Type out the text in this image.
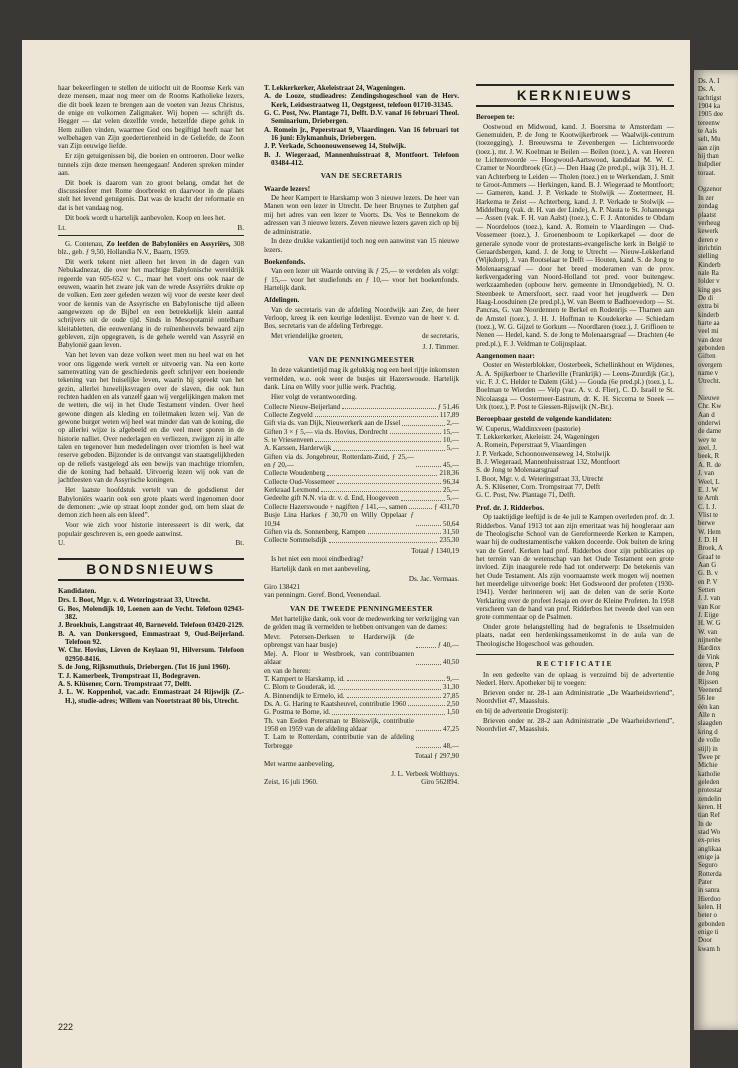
haar bekeerlingen te stellen de uitlocht uit de Roomse Kerk van deze mensen, maar nog meer om de Rooms Katholieke lezers, die dit boek lezen te brengen aan de voeten van Jezus Christus, de enige en volkomen Zaligmaker. Wij hopen — schrijft ds. Hegger — dat velen dezelfde vrede, hetzelfde diepe geluk in Hem zullen vinden, waarmee God ons begiftigd heeft naar het welbehagen van Zijn goedertierenheid in de Geliefde, de Zoon van Zijn eeuwige liefde.

Er zijn getuigenissen bij, die boeien en ontroeren. Door welke tunnels zijn deze mensen heengegaan! Anderen spreken minder aan.

Dit boek is daarom van zo groot belang, omdat het de discussiesfeer met Rome doorbreekt en daarvoor in de plaats stelt het levend getuigenis. Dat was de kracht der reformatie en dat is het vandaag nog.

Dit boek wordt u hartelijk aanbevolen. Koop en lees het.

Lt.	B.

G. Contenau, Zo leefden de Babyloniërs en Assyriërs, 308 blz., geb. ƒ 9,50, Hollandia N.V., Baarn, 1959.

Dit werk tekent niet alleen het leven in de dagen van Nebukadnezar, die over het machtige Babylonische wereldrijk regeerde van 605-652 v. C., maar het voert ons ook naar de eeuwen, waarin het zware juk van de wrede Assyriërs drukte op de volken. Een zeer geleden wezen wij voor de eerste keer deel voor de kennis van de Assyrische en Babylonische tijd alleen aangewezen op de Bijbel en een betrekkelijk klein aantal schrijvers uit de oude tijd. Sinds in Mesopotamië ontelbare kleitabletten, die eeuwenlang in de ruïnenheuvels bewaard zijn gebleven, zijn opgegraven, is de gehele wereld van Assyrië en Babylonië gaan leven.

Van het leven van deze volken weet men nu heel wat en het voor ons liggende werk vertelt er uitvoerig van. Na een korte samenvatting van de geschiedenis geeft schrijver een boeiende tekening van het huiselijke leven, waarin hij spreekt van het gezin, allerlei huwelijksvragen over de slaven, die ook hun rechten hadden en als vanzelf gaan wij vergelijkingen maken met de wetten, die wij in het Oude Testament vinden. Over heel gewone dingen als kleding en toiletmaken lezen wij. Van de gewone burger weten wij heel wat minder dan van de koning, die op allerlei wijze is afgebeeld en die veel meer sporen in de historie nalliet. Over nederlagen en verliezen, zwijgen zij in alle talen en tegenover hun mededelingen over triomfen is heel wat reserve geboden. Bijzonder is de ontvangst van staatsgelijkheden op de reliefs vastgelegd als een bewijs van machtige triomfen, die de koning had behaald. Uitvoerig lezen wij ook van de jachtfeesten van de Assyrische koningen.

Het laatste hoofdstuk vertelt van de godsdienst der Babyloniërs waarin ook een grote plaats werd ingenomen door de demonen: „wie op straat loopt zonder god, om hem slaat de demon zich heen als een kleed”.

Voor wie zich voor historie interesseert is dit werk, dat populair geschreven is, een goede aanwinst.

U.	Bt.
BONDSNIEUWS
Kandidaten.
Drs. I. Boot, Mgr. v. d. Weteringstraat 33, Utrecht.
G. Bos, Molendijk 10, Loenen aan de Vecht. Telefoon 02943-382.
J. Broekhuis, Langstraat 40, Barneveld. Telefoon 03420-2129.
B. A. van Donkersgoed, Emmastraat 9, Oud-Beijerland. Telefoon 92.
W. Chr. Hovius, Lieven de Keylaan 91, Hilversum. Telefoon 02950-8416.
S. de Jong, Rijksmuthuis, Driebergen. (Tot 16 juni 1960).
T. J. Kamerbeek, Trompstraat 11, Bodegraven.
A. S. Klüsener, Corn. Trompstraat 77, Delft.
J. L. W. Koppenhol, vac.adr. Emmastraat 24 Rijswijk (Z.-H.), studie-adres; Willem van Noortstraat 80 bis, Utrecht.
T. Lekkerkerker, Akeleistraat 24, Wageningen.
A. de Looze, studieadres: Zendingshogeschool van de Herv. Kerk, Leidsestraatweg 11, Oegstgeest, telefoon 01710-31345.
G. C. Post, Nw. Plantage 71, Delft. D.V. vanaf 16 februari Theol. Seminarium, Driebergen.
A. Romein jr., Peperstraat 9, Vlaardingen. Van 16 februari tot 16 juni: Elykmanhuis, Driebergen.
J. P. Verkade, Schoonouwenseweg 14, Stolwijk.
B. J. Wiegeraad, Mannenhuisstraat 8, Montfoort. Telefoon 03484-412.
VAN DE SECRETARIS
Waarde lezers!

De heer Kampert te Harskamp won 3 nieuwe lezers. De heer van Manen won een lezer in Utrecht. De heer Bruynes te Zutphen gaf mij het adres van een lezer te Voorts. Ds. Vos te Bennekom de adressen van 3 nieuwe lezers. Zeven nieuwe lezers gaven zich op bij de administratie.

In deze drukke vakantietijd toch nog een aanwinst van 15 nieuwe lezers.

Boekenfonds.

Van een lezer uit Waarde ontving ik ƒ 25,— te verdelen als volgt: ƒ 15,— voor het studiefonds en ƒ 10,— voor het boekenfonds. Hartelijk dank.

Afdelingen.

Van de secretaris van de afdeling Noordwijk aan Zee, de heer Verloop, kreeg ik een keurige ledenlijst. Evenzo van de heer v. d. Bos, secretaris van de afdeling Terbregge.

Met vriendelijke groeten,	de secretaris,
J. J. Timmer.
VAN DE PENNINGMEESTER

In deze vakantietijd mag ik gelukkig nog een heel rijtje inkomsten vermelden, w.o. ook weer de busjes uit Hazerswoude. Hartelijk dank. Lina en Willy voor jullie werk. Prachtig.

Hier volgt de verantwoording.

Collecte Nieuw-Beijerland	ƒ 51,46
Collecte Zegveld	117,89
Gift via ds. van Dijk, Nieuwerkerk aan de IJssel	2,—
Giften 3 × ƒ 5,— via ds. Hovius, Dordrecht	15,—
S. te Vriesenveen	10,—
A. Karssen, Harderwijk	5,—
Giften via ds. Jongebreur, Rotterdam-Zuid, ƒ 25,— en ƒ 20,—	45,—
Collecte Woudenberg	218,36
Collecte Oud-Vossemeer	96,34
Kerkraad Lexmond	25,—
Gedeelte gift N.N. via dr. v. d. End, Hoogeveen	5,—
Collecte Hazerswoude + nagiften ƒ 141,—, samen	ƒ 431,70
Busje Lina Harkes ƒ 30,70 en Willy Oppelaar ƒ 10,94	50,64
Giften via ds. Sonnenberg, Kampen	31,50
Collecte Sommelsdijk	235,30
Totaal ƒ 1340,19

Is het niet een mooi eindbedrag?

Hartelijk dank en met aanbeveling,

Ds. Jac. Vermaas.
Giro 138421
van penningm. Geref. Bond, Veenendaal.
VAN DE TWEEDE PENNINGMEESTER

Met hartelijke dank, ook voor de medewerking ter verkrijging van de gelden mag ik vermelden te hebben ontvangen van de dames:

Mevr. Petersen-Derksen te Harderwijk (de opbrengst van haar busje)	ƒ 40,—
Mej. A. Floor te Westbroek, van contribuanten aldaar	40,50
en van de heren:
T. Kampert te Harskamp, id.	9,—
C. Blom te Gouderak, id.	31,30
A. Binnendijk te Ermelo, id.	27,85
Ds. A. G. Haring te Kaatsheuvel, contributie 1960	2,50
G. Postma te Borne, id.	1,50
Th. van Eeden Petersman te Bleiswijk, contributie 1958 en 1959 van de afdeling aldaar	47,25
T. Lam te Rotterdam, contributie van de afdeling Terbregge	48,—
Totaal ƒ 297,90

Met warme aanbeveling,

J. L. Verbeek Wolthuys.
Zeist, 16 juli 1960.	Giro 562894.
KERKNIEUWS
Beroepen te:

Oostwoud en Midwoud, kand. J. Boersma te Amsterdam — Genemuiden, P. de Jong te Kootwijkerbroek — Waalwijk-centrum (toezegging), J. Breeuwsma te Zevenbergen — Lichtenvoorde (toez.), mr. J. W. Koelman te Beilen — Beilen (toez.), A. van Heeren te Lichtenvoorde — Hoogwoud-Aartswoud, kandidaat M. W. C. Cramer te Noordbroek (Gr.) — Den Haag (2e pred.pl., wijk 31), H. J. van Achterberg te Leiden — Tholen (toez.) en te Werkendam, J. Smit te Groot-Ammers — Herkingen, kand. B. J. Wiegeraad te Montfoort; — Gameren, kand. J. P. Verkade te Stolwijk — Zoetermeer, H. Harkema te Zeist — Achterberg, kand. J. P. Verkade te Stolwijk — Middelburg (vak. dr. H. van der Linde), A. P. Nauta te St. Johannesga — Assen (vak. F. H. van Aalst) (toez.), C. F. J. Antonides te Obdam — Noordeloos (toez.), kand. A. Romein te Vlaardingen — Oud-Vossemeer (toez.), J. Groenenboom te Lopikerkapel — door de generale synode voor de protestants-evangelische kerk in België te Geraardsbergen, kand. J. de Jong te Utrecht — Nieuw-Lekkerland (Wijkdorp), J. van Rootselaar te Delft — Houten, kand. S. de Jong te Molenaarsgraaf — door het breed moderamen van de prov. kerkvergadering van Noord-Holland tot pred. voor buitengew. werkzaamheden (opbouw herv. gemeente in IJmondgebied), N. O. Steenbeek te Amersfoort, secr. raad voor het jeugdwerk — Den Haag-Loosduinen (2e pred.pl.), W. van Beem te Badhoevedorp — St. Pancras, G. van Noordennen te Berkel en Rodenrijs — Thamen aan de Amstel (toez.), J. H. J. Hoffman te Koudekerke — Schiedam (toez.), W. G. Gijzel te Gorkum — Noordlaren (toez.), J. Griffioen te Nenen — Hedel, kand. S. de Jong te Molenaarsgraaf — Drachten (4e pred.pl.), F. J. Veldman te Colijnsplaat.

Aangenomen naar:

Ooster en Westerblokker, Oosterbeek, Schellinkhout en Wijdenes, A. A. Spijkerboer te Charleville (Frankrijk) — Leens-Zuurdijk (Gr.), vic. F. J. C. Helder te Dalem (Gld.) — Gouda (6e pred.pl.) (toez.), L. Boelman te Wierden — Velp (vac. A. v. d. Flier), C. D. Israël te St. Nicolaasga — Oostermeer-Eastrum, dr. K. H. Siccema te Sneek — Urk (toez.), P. Post te Giessen-Rijswijk (N.-Br.).

Beroepbaar gesteld de volgende kandidaten:
W. Cuperus, Waddinxveen (pastorie)
T. Lekkerkerker, Akeleistr. 24, Wageningen
A. Romein, Peperstraat 9, Vlaardingen
J. P. Verkade, Schoonouwenseweg 14, Stolwijk
B. J. Wiegeraad, Mannenhuisstraat 132, Montfoort
S. de Jong te Molenaarsgraaf
I. Boot, Mgr. v. d. Weteringstraat 33, Utrecht
A. S. Klüsener, Corn. Trompstraat 77, Delft
G. C. Post, Nw. Plantage 71, Delft.
Prof. dr. J. Ridderbos.

Op taaktijdige leeftijd is de 4e juli te Kampen overleden prof. dr. J. Ridderbos. Vanaf 1913 tot aan zijn emeritaat was hij hoogleraar aan de Theologische School van de Gereformeerde Kerken te Kampen, waar hij de oudtestamentische vakken doceerde. Ook buiten de kring van de Geref. Kerken had prof. Ridderbos door zijn publicaties op het terrein van de wetenschap van het Oude Testament een grote invloed. Zijn inaugurele rede had tot onderwerp: De betekenis van het Oude Testament. Als zijn voornaamste werk mogen wij noemen het meerdelige uitvoerige boek: Het Godswoord der profeten (1930-1941). Verder herinneren wij aan de delen van de serie Korte Verklaring over de profeet Jesaja en over de Kleine Profeten. In 1958 verscheen van de hand van prof. Ridderbos het tweede deel van een grote commentaar op de Psalmen.

Onder grote belangstelling had de begrafenis te IJsselmuiden plaats, nadat een herdenkingssamenkomst in de aula van de Theologische Hogeschool was gehouden.

RECTIFICATIE

In een gedeelte van de oplaag is verzuimd bij de advertentie Nederl. Herv. Apotheker bij te voegen:

Brieven onder nr. 28-1 aan Administratie „De Waarheidsvriend”, Noordvliet 47, Maassluis.

en bij de advertentie Drogisterij:

Brieven onder nr. 28-2 aan Administratie „De Waarheidsvriend”, Noordvliet 47, Maassluis.

222
Ds. A. I
Ds. A.
tachtigst
1904 ka
1905 dee
tereenw
te Aals
selt, Mu
aan zijn
hij than
hulpdier
toraat.

Ogzenor
In zer
zondag
plaatst
verheug
kewerk
deren e
inrichtin
stelling
Kinderb
nale Ra
folder v
king ges
De di
extra bi
kinderb
harte aa
veel mi
van deze
gebonden
Giften
overgem
name v
Utrecht.

Nieuwe
Chr. Kw
Aan d
onderwi
de dame
wey te
zeel, J.
beek, R
A. R. de
J. van
Weel, L
E. J. W
te Arnh
C. I. J.
Vlist te
berwe
W. Hem
J. D. H
Broek, A
Graaf te
Aan G
G. B. v
en P. V
Setten
J. J. van
van Kor
J. Eijge
H. W. G
W. van
nijnenbe
Hardinx
de Vink
teren, P
de Jong
Rijssen
Veenend
56 lee
één kan
Alle n
slaagden
kring d
de volle
stijl) in
Twee pr
Michie
katholie
geleden
protestar
zendelin
keren. H
tian Ref
In de
stad Wo
ex-pries
anglikaa
enige ja
Seguro
Rotterda
Pater
in sanra
Hierdoo
kelen. H
beter o
gebonden
enige ti
Door
kwam h
